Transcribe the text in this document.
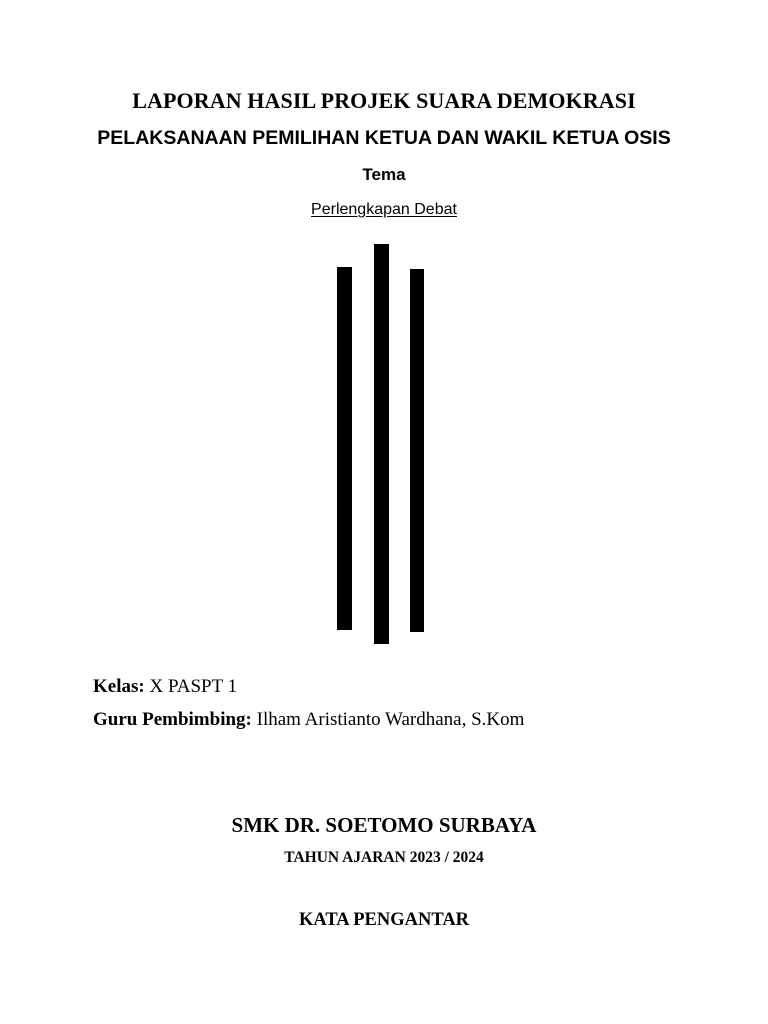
LAPORAN HASIL PROJEK SUARA DEMOKRASI
PELAKSANAAN PEMILIHAN KETUA DAN WAKIL KETUA OSIS
Tema
Perlengkapan Debat
Kelas: X PASPT 1
Guru Pembimbing: Ilham Aristianto Wardhana, S.Kom
SMK DR. SOETOMO SURBAYA
TAHUN AJARAN 2023 / 2024
KATA PENGANTAR
